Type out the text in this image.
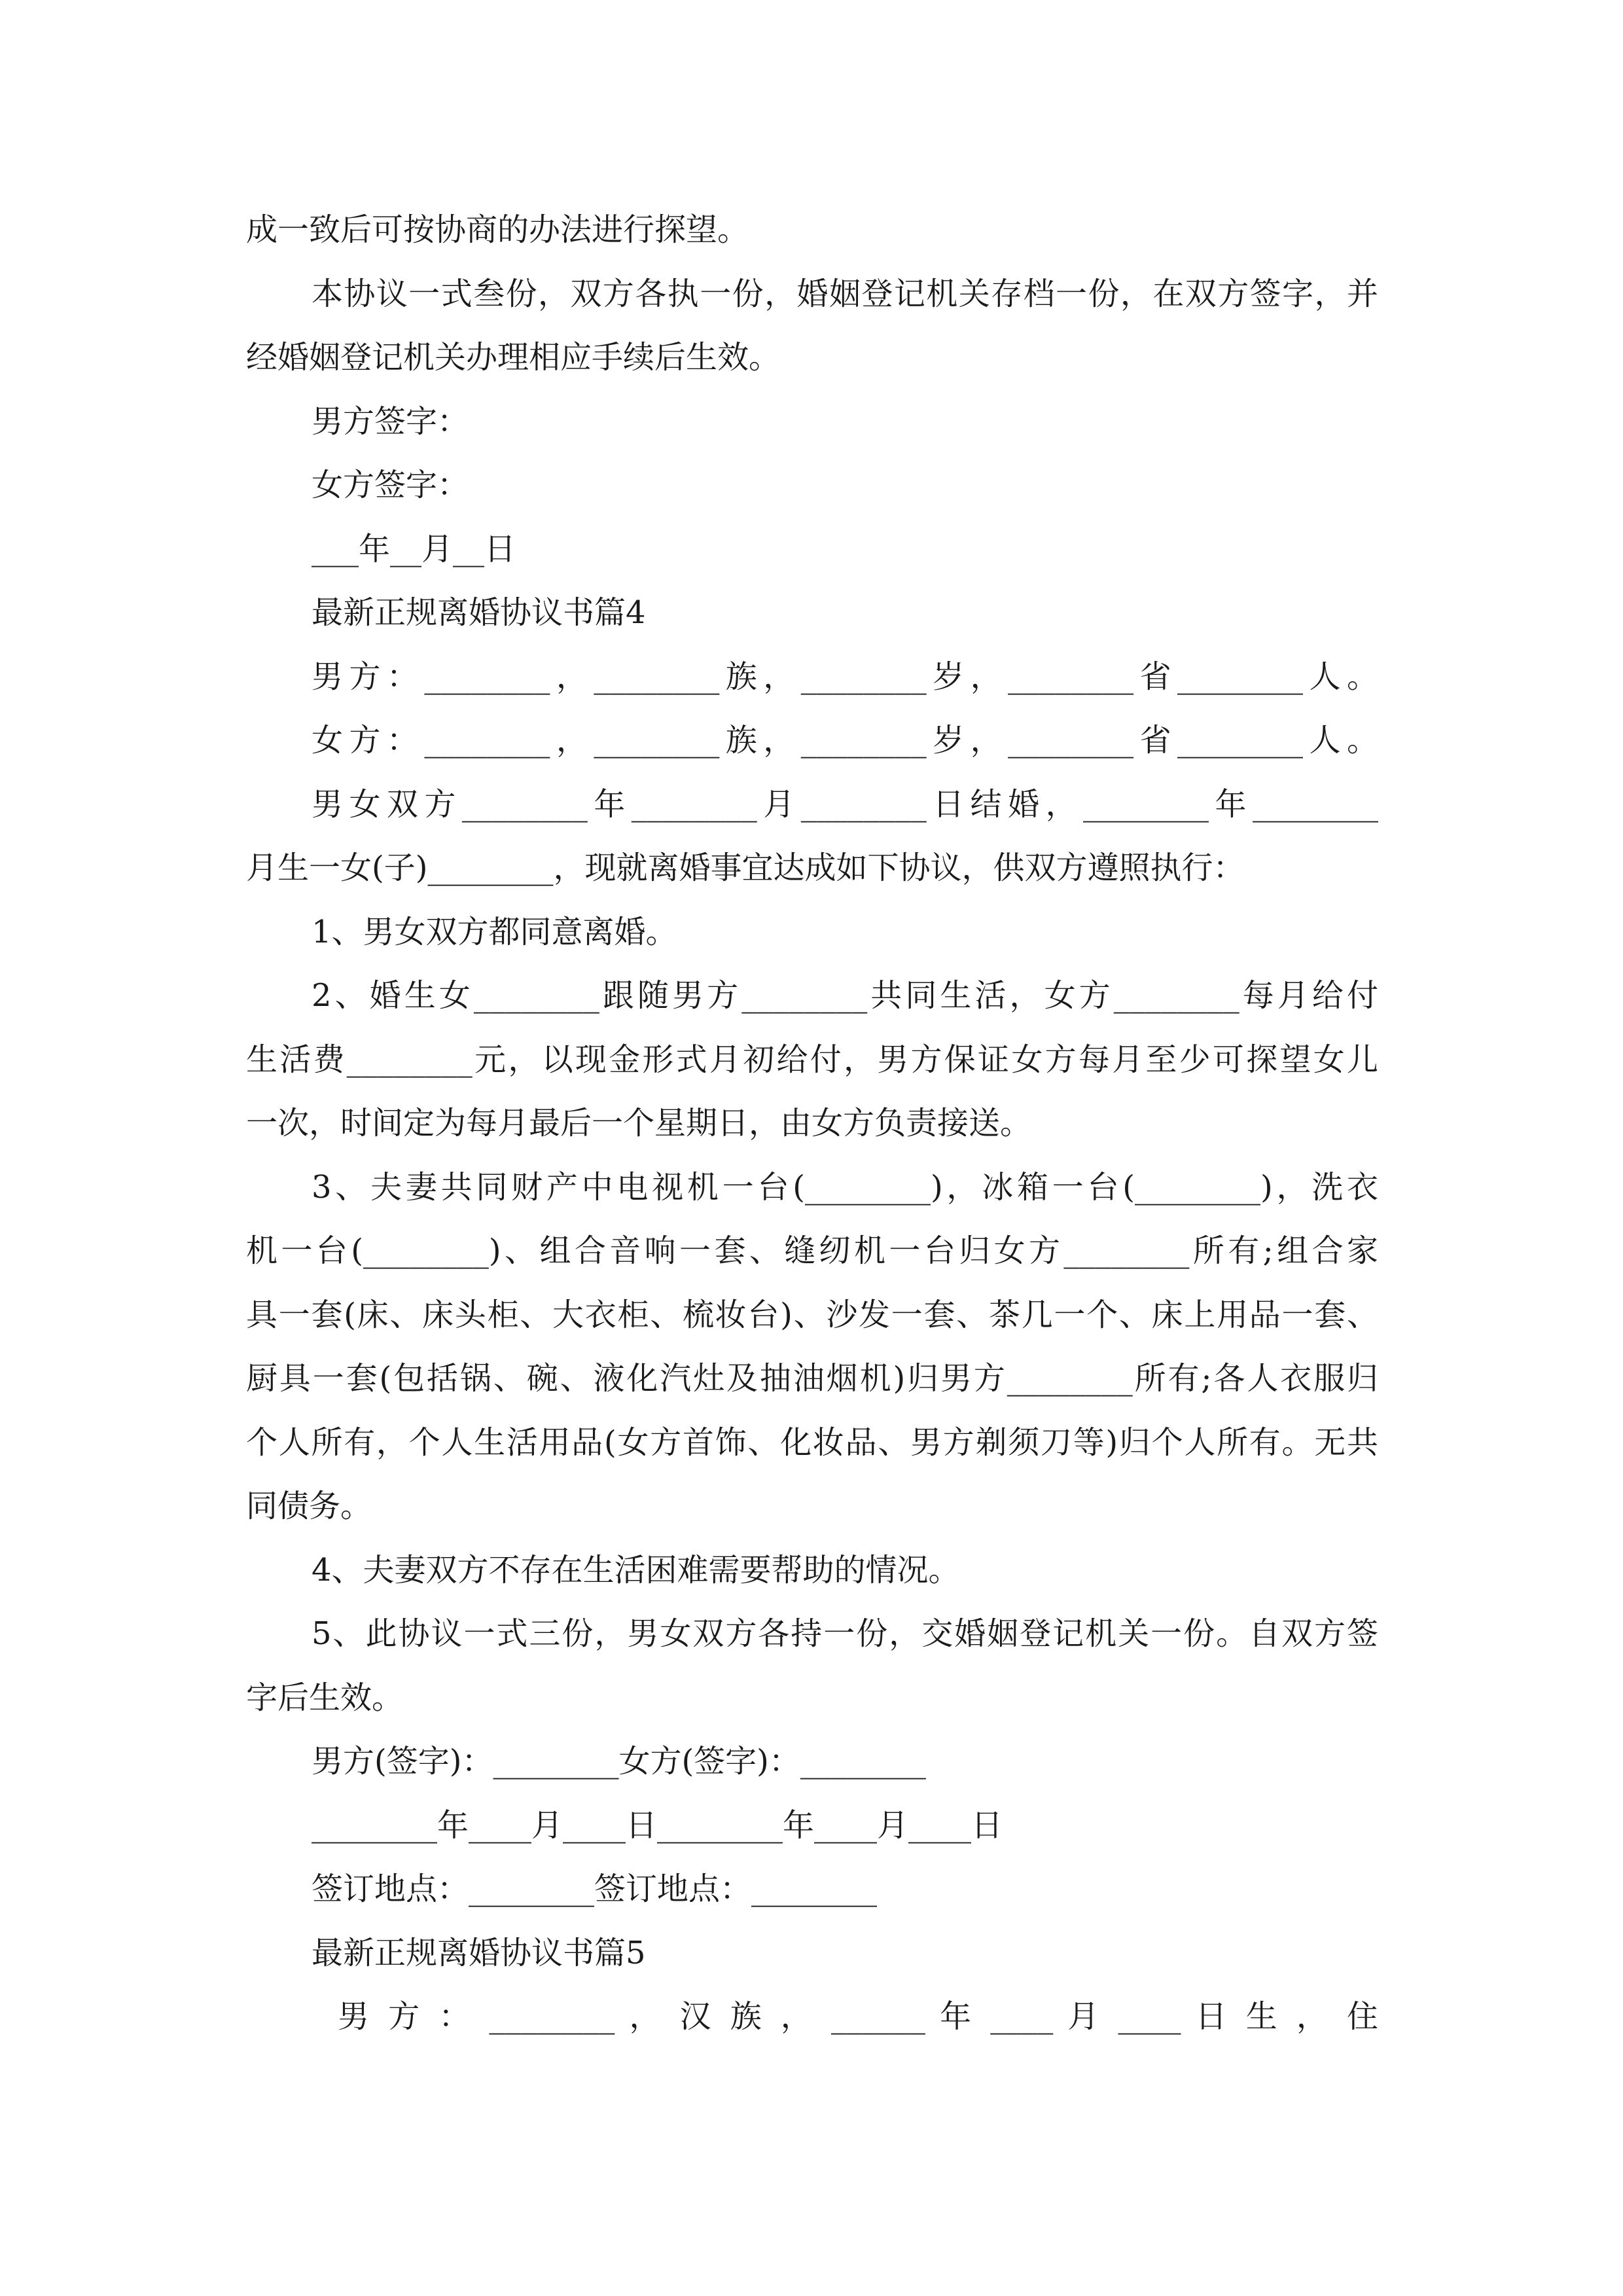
成一致后可按协商的办法进行探望。
本协议一式叁份，双方各执一份，婚姻登记机关存档一份，在双方签字，并
经婚姻登记机关办理相应手续后生效。
男方签字：
女方签字：
___年__月__日
最新正规离婚协议书篇4
男方：________，________族，________岁，________省________人。
女方：________，________族，________岁，________省________人。
男女双方________年________月________日结婚，________年________
月生一女(子)________，现就离婚事宜达成如下协议，供双方遵照执行：
1、男女双方都同意离婚。
2、婚生女________跟随男方________共同生活，女方________每月给付
生活费________元，以现金形式月初给付，男方保证女方每月至少可探望女儿
一次，时间定为每月最后一个星期日，由女方负责接送。
3、夫妻共同财产中电视机一台(________)，冰箱一台(________)，洗衣
机一台(________)、组合音响一套、缝纫机一台归女方________所有;组合家
具一套(床、床头柜、大衣柜、梳妆台)、沙发一套、茶几一个、床上用品一套、
厨具一套(包括锅、碗、液化汽灶及抽油烟机)归男方________所有;各人衣服归
个人所有，个人生活用品(女方首饰、化妆品、男方剃须刀等)归个人所有。无共
同债务。
4、夫妻双方不存在生活困难需要帮助的情况。
5、此协议一式三份，男女双方各持一份，交婚姻登记机关一份。自双方签
字后生效。
男方(签字)：________女方(签字)：________
________年____月____日________年____月____日
签订地点：________签订地点：________
最新正规离婚协议书篇5
男 方 ： ________ ， 汉 族 ， ______ 年 ____ 月 ____ 日 生 ， 住
